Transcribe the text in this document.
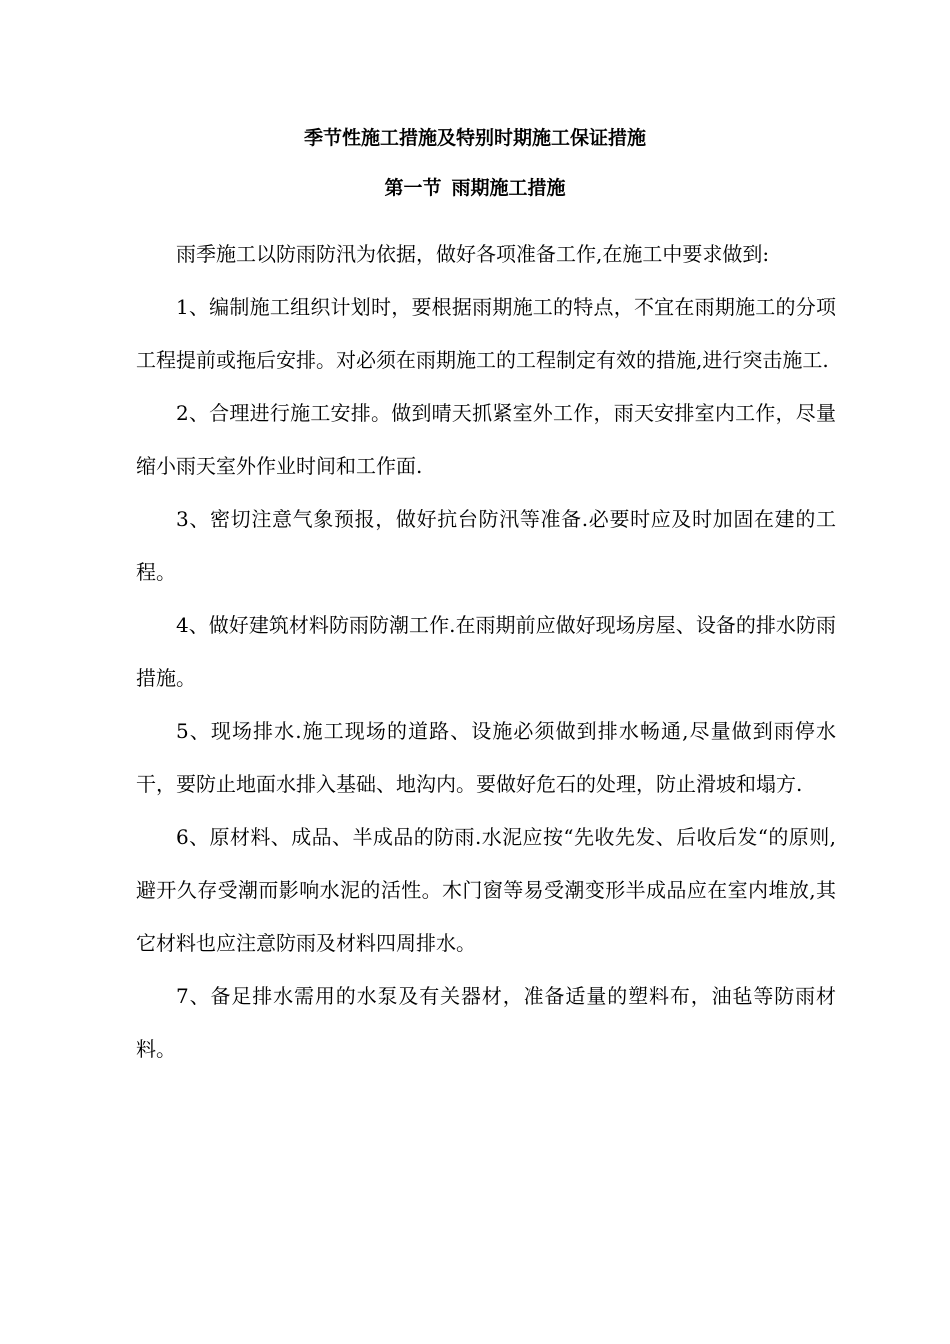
季节性施工措施及特别时期施工保证措施
第一节 雨期施工措施

雨季施工以防雨防汛为依据，做好各项准备工作,在施工中要求做到:

1、编制施工组织计划时，要根据雨期施工的特点，不宜在雨期施工的分项工程提前或拖后安排。对必须在雨期施工的工程制定有效的措施,进行突击施工.

2、合理进行施工安排。做到晴天抓紧室外工作，雨天安排室内工作，尽量缩小雨天室外作业时间和工作面.

3、密切注意气象预报，做好抗台防汛等准备.必要时应及时加固在建的工程。

4、做好建筑材料防雨防潮工作.在雨期前应做好现场房屋、设备的排水防雨措施。

5、现场排水.施工现场的道路、设施必须做到排水畅通,尽量做到雨停水干，要防止地面水排入基础、地沟内。要做好危石的处理，防止滑坡和塌方.

6、原材料、成品、半成品的防雨.水泥应按“先收先发、后收后发“的原则,避开久存受潮而影响水泥的活性。木门窗等易受潮变形半成品应在室内堆放,其它材料也应注意防雨及材料四周排水。

7、备足排水需用的水泵及有关器材，准备适量的塑料布，油毡等防雨材料。
